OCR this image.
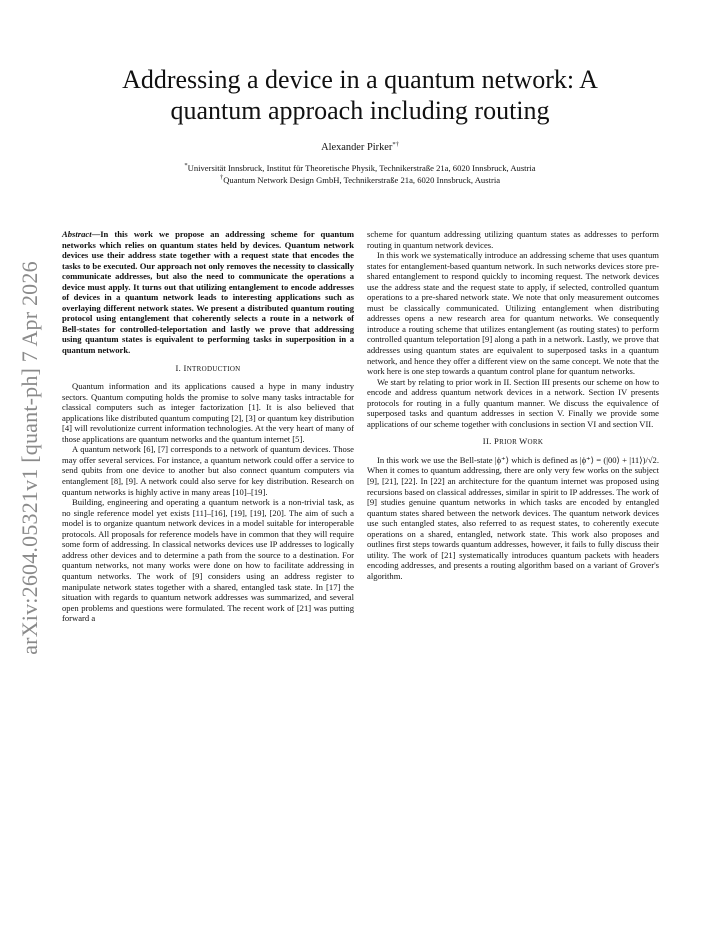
arXiv:2604.05321v1 [quant-ph] 7 Apr 2026
Addressing a device in a quantum network: A
quantum approach including routing
Alexander Pirker*†
*Universität Innsbruck, Institut für Theoretische Physik, Technikerstraße 21a, 6020 Innsbruck, Austria
†Quantum Network Design GmbH, Technikerstraße 21a, 6020 Innsbruck, Austria

Abstract—In this work we propose an addressing scheme for quantum networks which relies on quantum states held by devices. Quantum network devices use their address state together with a request state that encodes the tasks to be executed. Our approach not only removes the necessity to classically communicate addresses, but also the need to communicate the operations a device must apply. It turns out that utilizing entanglement to encode addresses of devices in a quantum network leads to interesting applications such as overlaying different network states. We present a distributed quantum routing protocol using entanglement that coherently selects a route in a network of Bell-states for controlled-teleportation and lastly we prove that addressing using quantum states is equivalent to performing tasks in superposition in a quantum network.

I. INTRODUCTION

Quantum information and its applications caused a hype in many industry sectors. Quantum computing holds the promise to solve many tasks intractable for classical computers such as integer factorization [1]. It is also believed that applications like distributed quantum computing [2], [3] or quantum key distribution [4] will revolutionize current information technologies. At the very heart of many of those applications are quantum networks and the quantum internet [5].

A quantum network [6], [7] corresponds to a network of quantum devices. Those may offer several services. For instance, a quantum network could offer a service to send qubits from one device to another but also connect quantum computers via entanglement [8], [9]. A network could also serve for key distribution. Research on quantum networks is highly active in many areas [10]–[19].

Building, engineering and operating a quantum network is a non-trivial task, as no single reference model yet exists [11]–[16], [19], [19], [20]. The aim of such a model is to organize quantum network devices in a model suitable for interoperable protocols. All proposals for reference models have in common that they will require some form of addressing. In classical networks devices use IP addresses to logically address other devices and to determine a path from the source to a destination. For quantum networks, not many works were done on how to facilitate addressing in quantum networks. The work of [9] considers using an address register to manipulate network states together with a shared, entangled task state. In [17] the situation with regards to quantum network addresses was summarized, and several open problems and questions were formulated. The recent work of [21] was putting forward a

scheme for quantum addressing utilizing quantum states as addresses to perform routing in quantum network devices.

In this work we systematically introduce an addressing scheme that uses quantum states for entanglement-based quantum network. In such networks devices store pre-shared entanglement to respond quickly to incoming request. The network devices use the address state and the request state to apply, if selected, controlled quantum operations to a pre-shared network state. We note that only measurement outcomes must be classically communicated. Utilizing entanglement when distributing addresses opens a new research area for quantum networks. We consequently introduce a routing scheme that utilizes entanglement (as routing states) to perform controlled quantum teleportation [9] along a path in a network. Lastly, we prove that addresses using quantum states are equivalent to superposed tasks in a quantum network, and hence they offer a different view on the same concept. We note that the work here is one step towards a quantum control plane for quantum networks.

We start by relating to prior work in II. Section III presents our scheme on how to encode and address quantum network devices in a network. Section IV presents protocols for routing in a fully quantum manner. We discuss the equivalence of superposed tasks and quantum addresses in section V. Finally we provide some applications of our scheme together with conclusions in section VI and section VII.

II. PRIOR WORK

In this work we use the Bell-state |ϕ⁺⟩ which is defined as |ϕ⁺⟩ = (|00⟩ + |11⟩)/√2. When it comes to quantum addressing, there are only very few works on the subject [9], [21], [22]. In [22] an architecture for the quantum internet was proposed using recursions based on classical addresses, similar in spirit to IP addresses. The work of [9] studies genuine quantum networks in which tasks are encoded by entangled quantum states shared between the network devices. The quantum network devices use such entangled states, also referred to as request states, to coherently execute operations on a shared, entangled, network state. This work also proposes and outlines first steps towards quantum addresses, however, it fails to fully discuss their utility. The work of [21] systematically introduces quantum packets with headers encoding addresses, and presents a routing algorithm based on a variant of Grover's algorithm.
